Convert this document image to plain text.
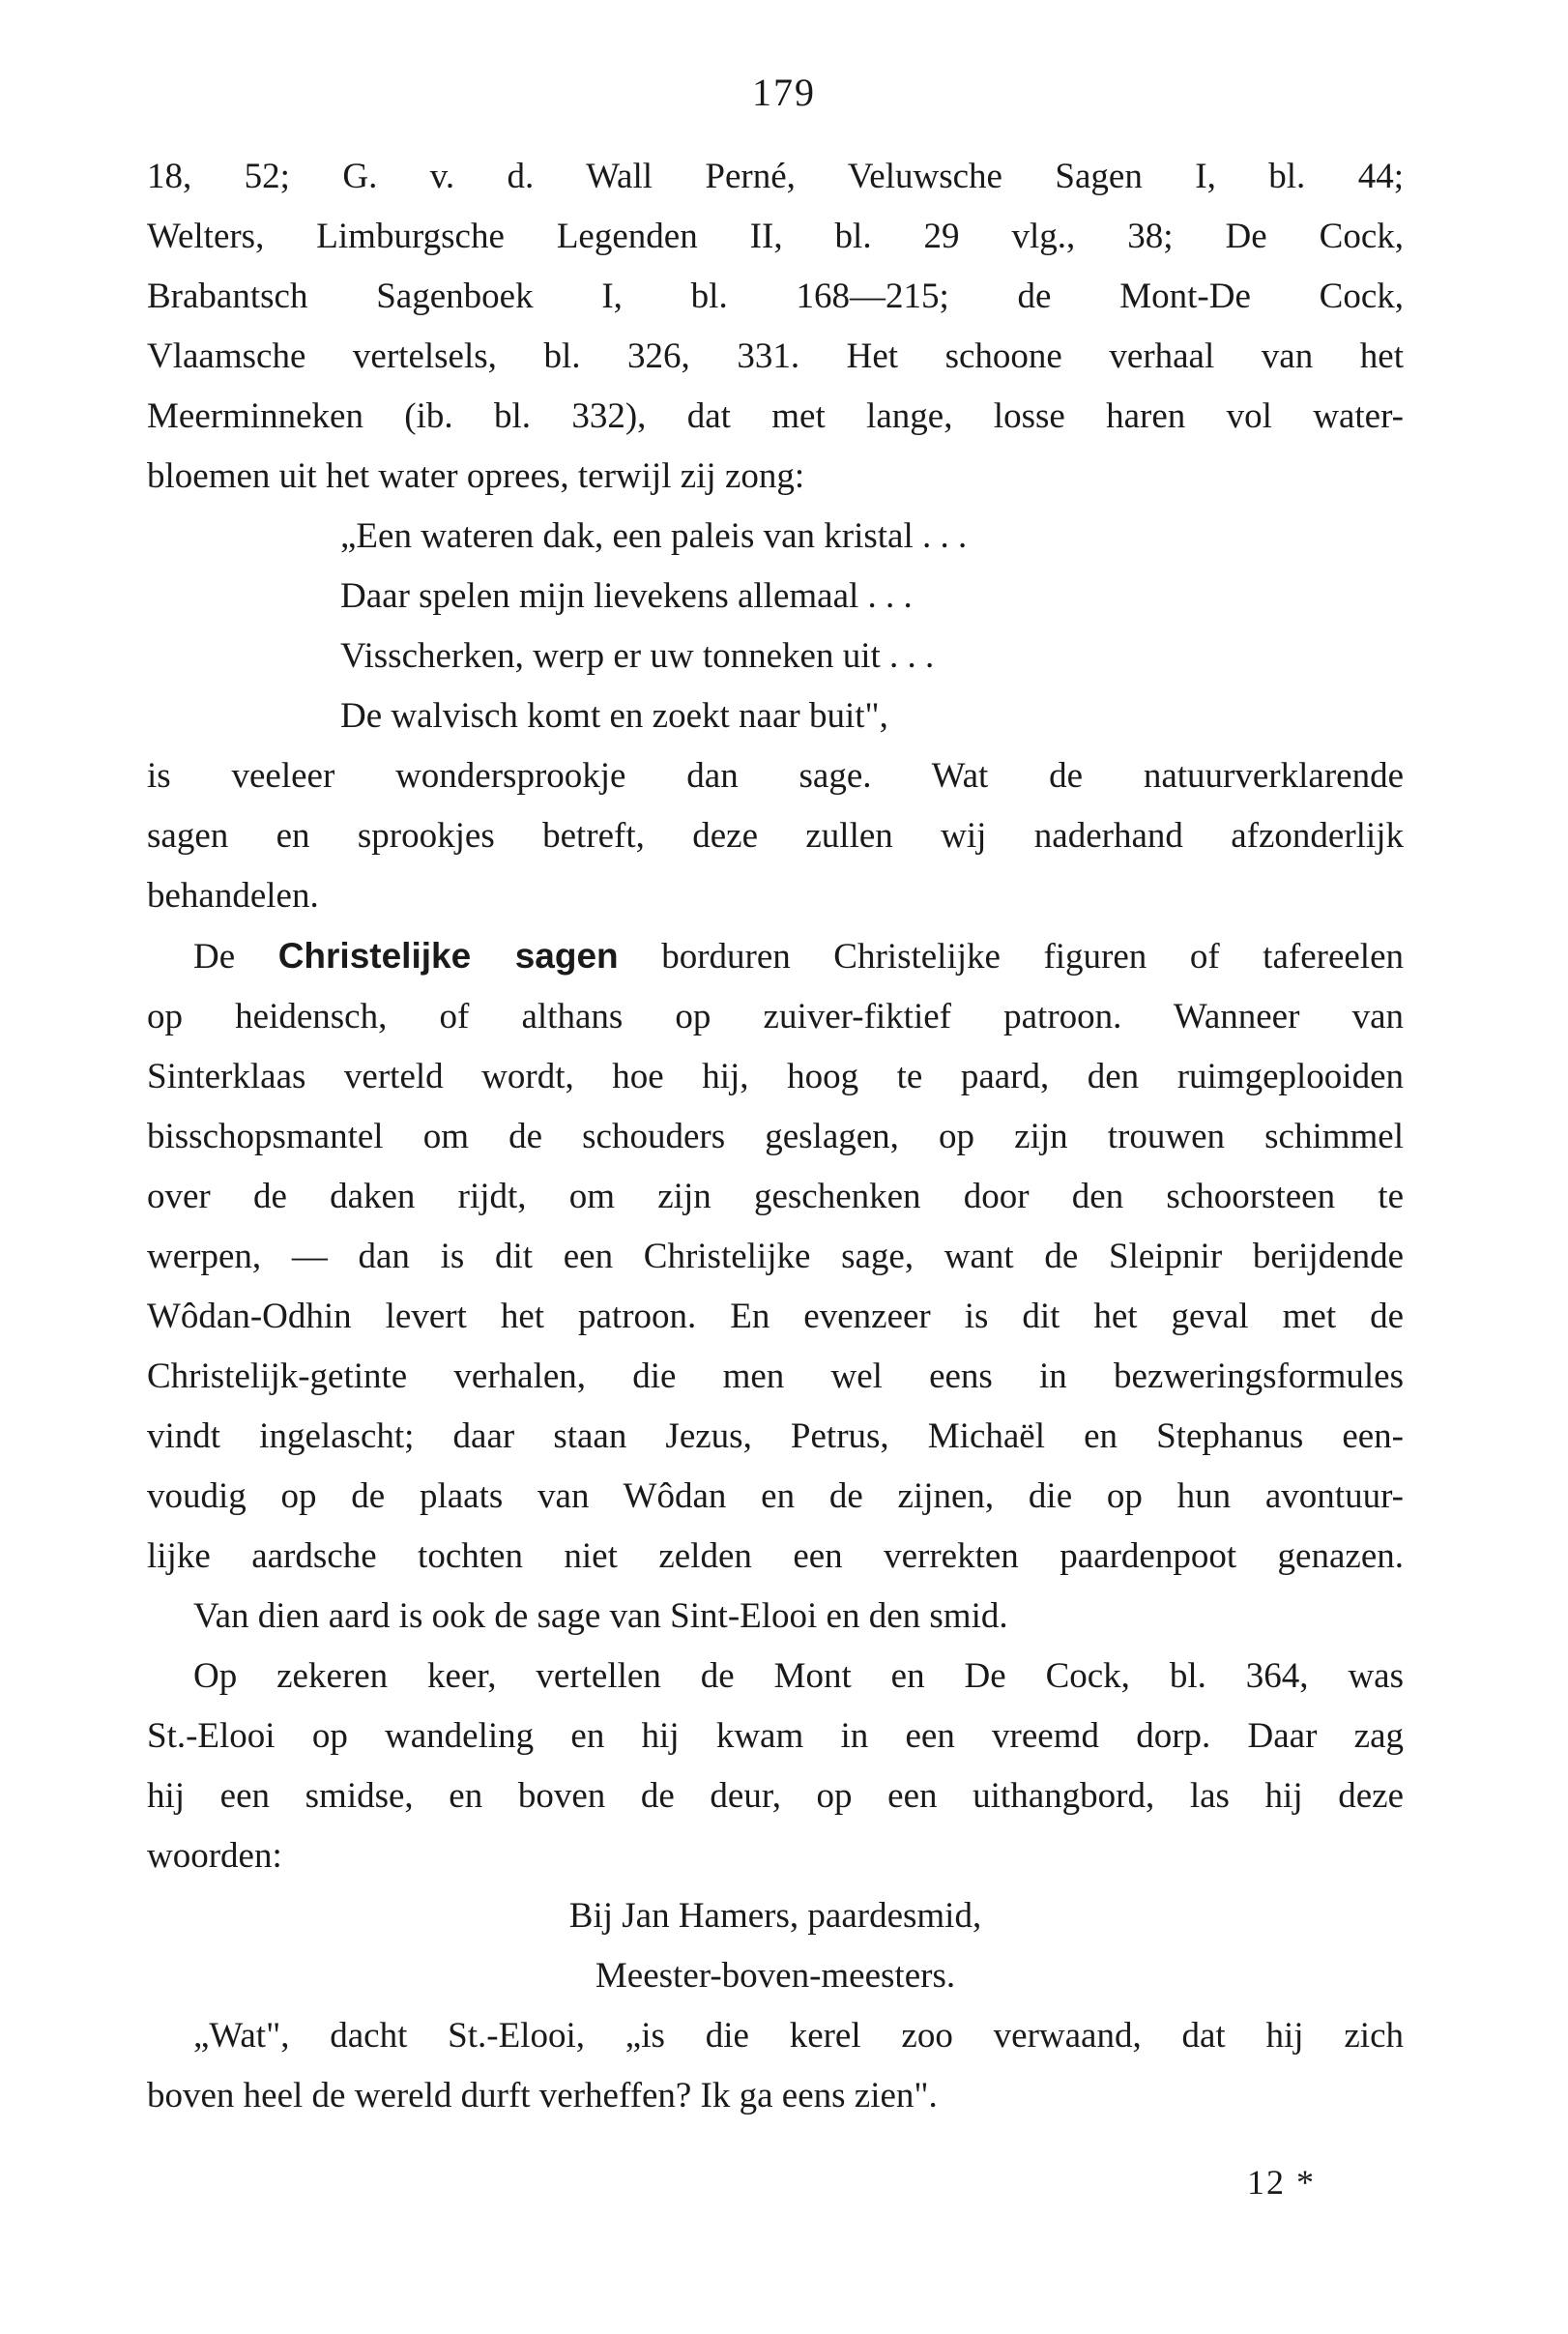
179
18, 52; G. v. d. Wall Perné, Veluwsche Sagen I, bl. 44;
Welters, Limburgsche Legenden II, bl. 29 vlg., 38; De Cock,
Brabantsch Sagenboek I, bl. 168—215; de Mont-De Cock,
Vlaamsche vertelsels, bl. 326, 331. Het schoone verhaal van het
Meerminneken (ib. bl. 332), dat met lange, losse haren vol water-
bloemen uit het water oprees, terwijl zij zong:
„Een wateren dak, een paleis van kristal . . .
Daar spelen mijn lievekens allemaal . . .
Visscherken, werp er uw tonneken uit . . .
De walvisch komt en zoekt naar buit",
is veeleer wondersprookje dan sage. Wat de natuurverklarende
sagen en sprookjes betreft, deze zullen wij naderhand afzonderlijk
behandelen.
De Christelijke sagen borduren Christelijke figuren of tafereelen
op heidensch, of althans op zuiver-fiktief patroon. Wanneer van
Sinterklaas verteld wordt, hoe hij, hoog te paard, den ruimgeplooiden
bisschopsmantel om de schouders geslagen, op zijn trouwen schimmel
over de daken rijdt, om zijn geschenken door den schoorsteen te
werpen, — dan is dit een Christelijke sage, want de Sleipnir berijdende
Wôdan-Odhin levert het patroon. En evenzeer is dit het geval met de
Christelijk-getinte verhalen, die men wel eens in bezweringsformules
vindt ingelascht; daar staan Jezus, Petrus, Michaël en Stephanus een-
voudig op de plaats van Wôdan en de zijnen, die op hun avontuur-
lijke aardsche tochten niet zelden een verrekten paardenpoot genazen.
Van dien aard is ook de sage van Sint-Elooi en den smid.
Op zekeren keer, vertellen de Mont en De Cock, bl. 364, was
St.-Elooi op wandeling en hij kwam in een vreemd dorp. Daar zag
hij een smidse, en boven de deur, op een uithangbord, las hij deze
woorden:
Bij Jan Hamers, paardesmid,
Meester-boven-meesters.
„Wat", dacht St.-Elooi, „is die kerel zoo verwaand, dat hij zich
boven heel de wereld durft verheffen? Ik ga eens zien".
12 *
